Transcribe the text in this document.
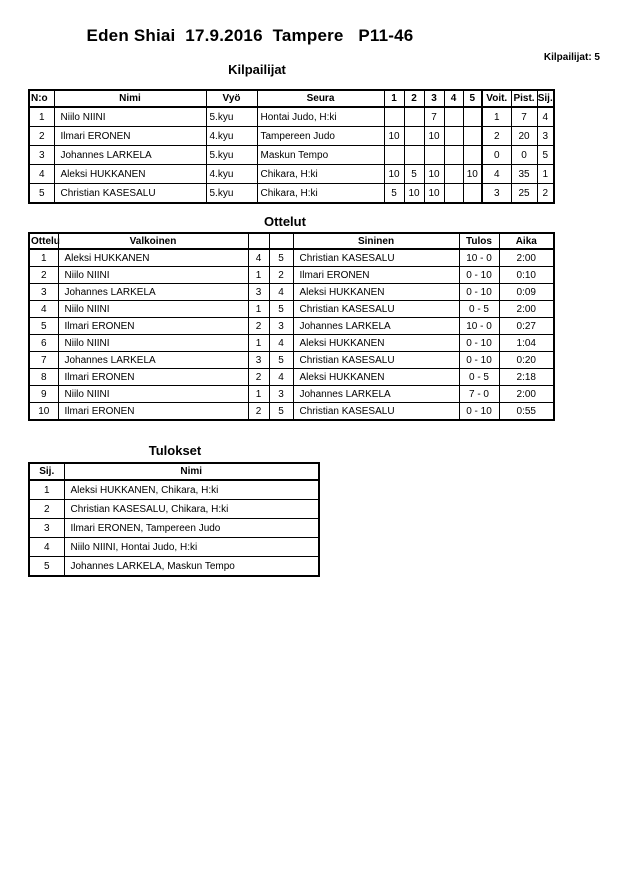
Eden Shiai  17.9.2016  Tampere   P11-46
Kilpailijat: 5
Kilpailijat
N:o	Nimi	Vyö	Seura	1	2	3	4	5	Voit.	Pist.	Sij.
1	Niilo NIINI	5.kyu	Hontai Judo, H:ki			7			1	7	4
2	Ilmari ERONEN	4.kyu	Tampereen Judo	10		10			2	20	3
3	Johannes LARKELA	5.kyu	Maskun Tempo						0	0	5
4	Aleksi HUKKANEN	4.kyu	Chikara, H:ki	10	5	10		10	4	35	1
5	Christian KASESALU	5.kyu	Chikara, H:ki	5	10	10			3	25	2
Ottelut
Ottelu	Valkoinen			Sininen	Tulos	Aika
1	Aleksi HUKKANEN	4	5	Christian KASESALU	10 - 0	2:00
2	Niilo NIINI	1	2	Ilmari ERONEN	0 - 10	0:10
3	Johannes LARKELA	3	4	Aleksi HUKKANEN	0 - 10	0:09
4	Niilo NIINI	1	5	Christian KASESALU	0 - 5	2:00
5	Ilmari ERONEN	2	3	Johannes LARKELA	10 - 0	0:27
6	Niilo NIINI	1	4	Aleksi HUKKANEN	0 - 10	1:04
7	Johannes LARKELA	3	5	Christian KASESALU	0 - 10	0:20
8	Ilmari ERONEN	2	4	Aleksi HUKKANEN	0 - 5	2:18
9	Niilo NIINI	1	3	Johannes LARKELA	7 - 0	2:00
10	Ilmari ERONEN	2	5	Christian KASESALU	0 - 10	0:55
Tulokset
Sij.	Nimi
1	Aleksi HUKKANEN, Chikara, H:ki
2	Christian KASESALU, Chikara, H:ki
3	Ilmari ERONEN, Tampereen Judo
4	Niilo NIINI, Hontai Judo, H:ki
5	Johannes LARKELA, Maskun Tempo
